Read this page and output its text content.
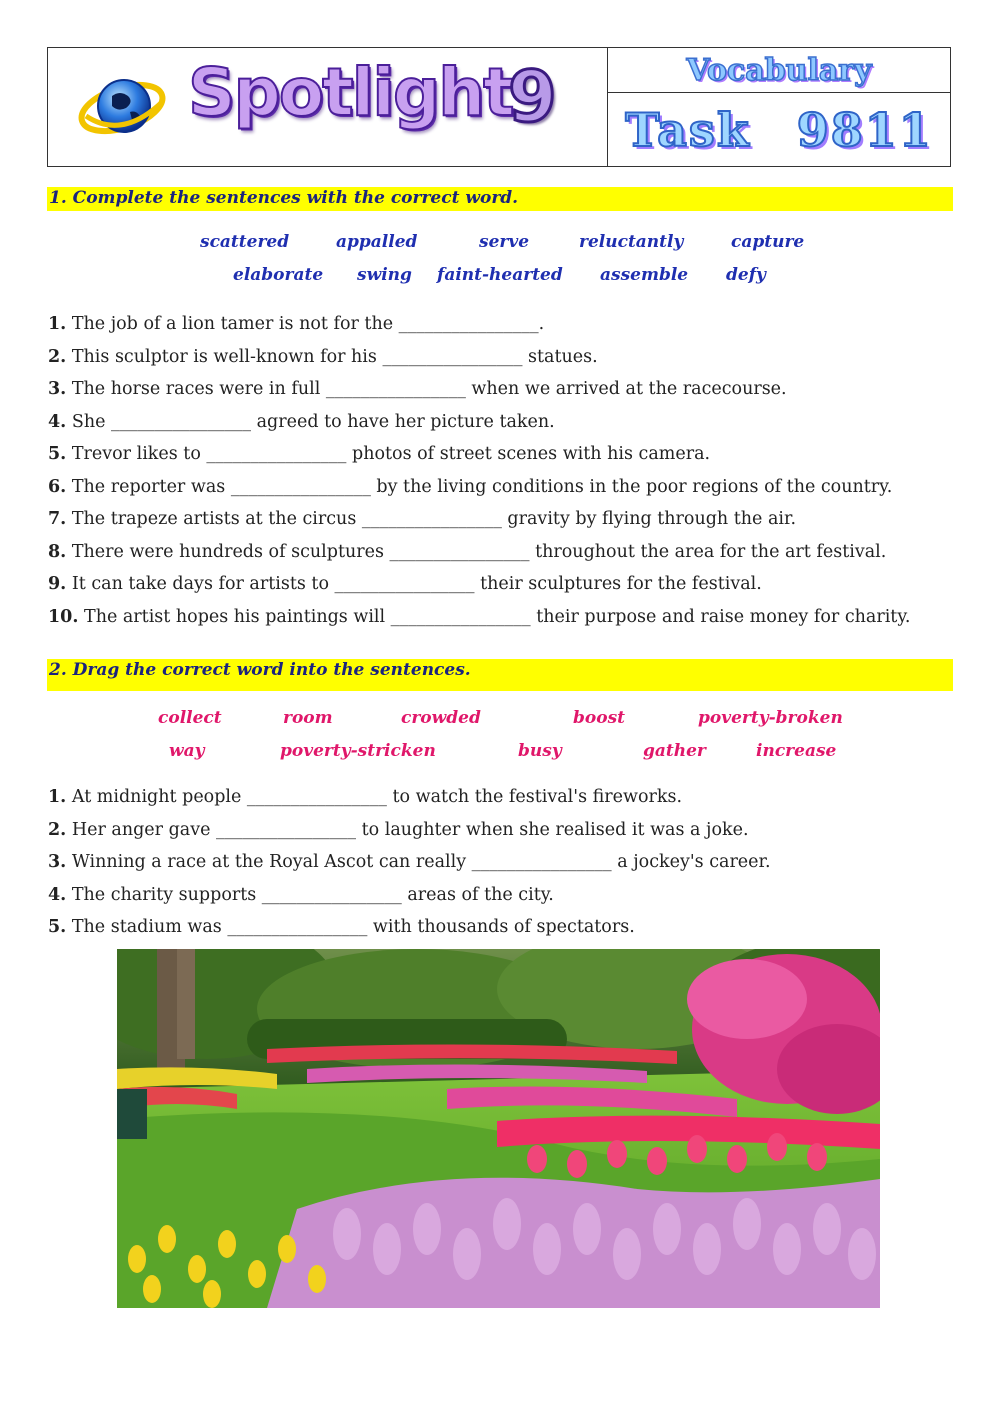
Spotlight
9	Vocabulary
Task 9811
1. Complete the sentences with the correct word.
scattered	appalled	serve	reluctantly	capture
elaborate swing faint-hearted assemble defy
1. The job of a lion tamer is not for the ________________.
2. This sculptor is well-known for his ________________ statues.
3. The horse races were in full ________________ when we arrived at the racecourse.
4. She ________________ agreed to have her picture taken.
5. Trevor likes to ________________ photos of street scenes with his camera.
6. The reporter was ________________ by the living conditions in the poor regions of the country.
7. The trapeze artists at the circus ________________ gravity by flying through the air.
8. There were hundreds of sculptures ________________ throughout the area for the art festival.
9. It can take days for artists to ________________ their sculptures for the festival.
10. The artist hopes his paintings will ________________ their purpose and raise money for charity.
2. Drag the correct word into the sentences.
collect	room	crowded	boost	poverty-broken
way	poverty-stricken	busy	gather	increase
1. At midnight people ________________ to watch the festival's fireworks.
2. Her anger gave ________________ to laughter when she realised it was a joke.
3. Winning a race at the Royal Ascot can really ________________ a jockey's career.
4. The charity supports ________________ areas of the city.
5. The stadium was ________________ with thousands of spectators.
